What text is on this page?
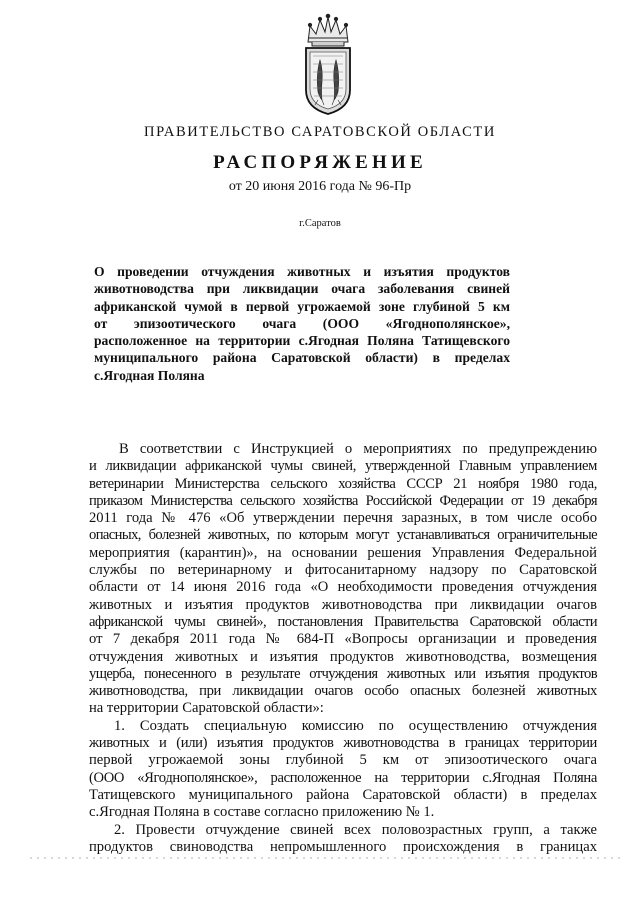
ПРАВИТЕЛЬСТВО САРАТОВСКОЙ ОБЛАСТИ
РАСПОРЯЖЕНИЕ
от 20 июня 2016 года № 96-Пр
г.Саратов
О проведении отчуждения животных и изъятия продуктов
животноводства при ликвидации очага заболевания свиней
африканской чумой в первой угрожаемой зоне глубиной 5 км
от эпизоотического очага (ООО «Ягоднополянское»,
расположенное на территории с.Ягодная Поляна Татищевского
муниципального района Саратовской области) в пределах
с.Ягодная Поляна
В соответствии с Инструкцией о мероприятиях по предупреждению
и ликвидации африканской чумы свиней, утвержденной Главным управлением
ветеринарии Министерства сельского хозяйства СССР 21 ноября 1980 года,
приказом Министерства сельского хозяйства Российской Федерации от 19 декабря
2011 года № 476 «Об утверждении перечня заразных, в том числе особо
опасных, болезней животных, по которым могут устанавливаться ограничительные
мероприятия (карантин)», на основании решения Управления Федеральной
службы по ветеринарному и фитосанитарному надзору по Саратовской
области от 14 июня 2016 года «О необходимости проведения отчуждения
животных и изъятия продуктов животноводства при ликвидации очагов
африканской чумы свиней», постановления Правительства Саратовской области
от 7 декабря 2011 года № 684-П «Вопросы организации и проведения
отчуждения животных и изъятия продуктов животноводства, возмещения
ущерба, понесенного в результате отчуждения животных или изъятия продуктов
животноводства, при ликвидации очагов особо опасных болезней животных
на территории Саратовской области»:
1. Создать специальную комиссию по осуществлению отчуждения
животных и (или) изъятия продуктов животноводства в границах территории
первой угрожаемой зоны глубиной 5 км от эпизоотического очага
(ООО «Ягоднополянское», расположенное на территории с.Ягодная Поляна
Татищевского муниципального района Саратовской области) в пределах
с.Ягодная Поляна в составе согласно приложению № 1.
2. Провести отчуждение свиней всех половозрастных групп, а также
продуктов свиноводства непромышленного происхождения в границах
